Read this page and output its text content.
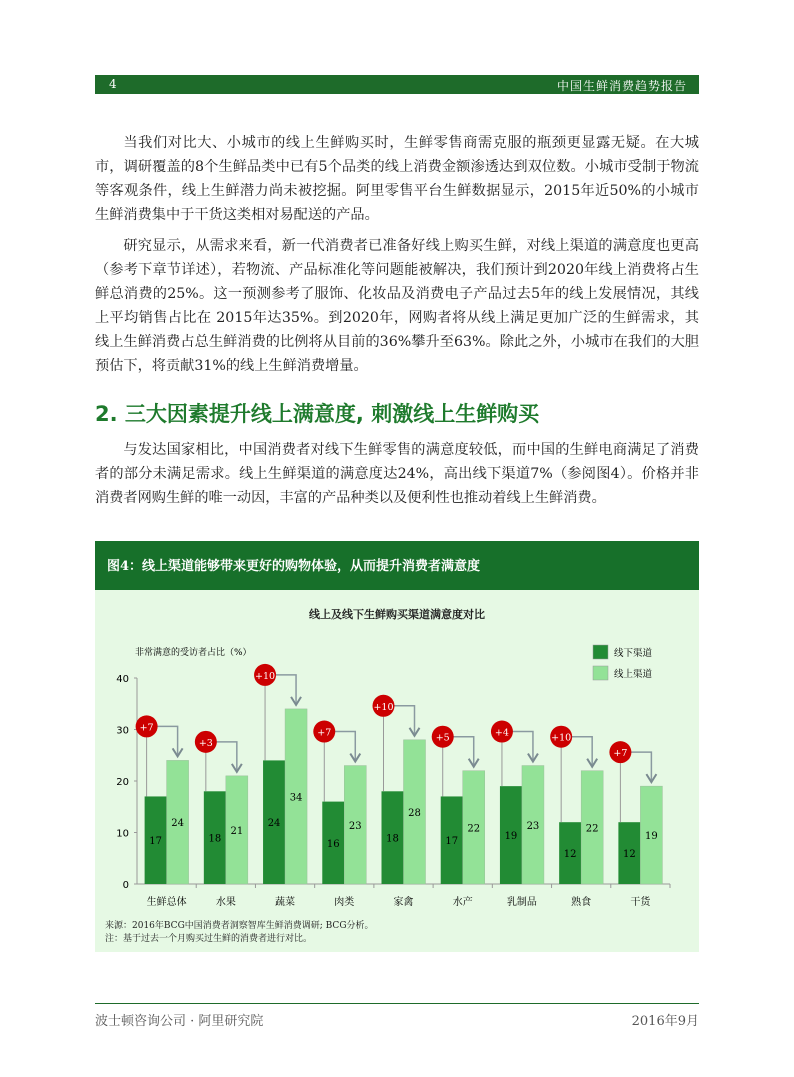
4	中国生鲜消费趋势报告

当我们对比大、小城市的线上生鲜购买时，生鲜零售商需克服的瓶颈更显露无疑。在大城市，调研覆盖的8个生鲜品类中已有5个品类的线上消费金额渗透达到双位数。小城市受制于物流等客观条件，线上生鲜潜力尚未被挖掘。阿里零售平台生鲜数据显示，2015年近50%的小城市生鲜消费集中于干货这类相对易配送的产品。

研究显示，从需求来看，新一代消费者已准备好线上购买生鲜，对线上渠道的满意度也更高（参考下章节详述），若物流、产品标准化等问题能被解决，我们预计到2020年线上消费将占生鲜总消费的25%。这一预测参考了服饰、化妆品及消费电子产品过去5年的线上发展情况，其线上平均销售占比在 2015年达35%。到2020年，网购者将从线上满足更加广泛的生鲜需求，其线上生鲜消费占总生鲜消费的比例将从目前的36%攀升至63%。除此之外，小城市在我们的大胆预估下，将贡献31%的线上生鲜消费增量。

2. 三大因素提升线上满意度, 刺激线上生鲜购买

与发达国家相比，中国消费者对线下生鲜零售的满意度较低，而中国的生鲜电商满足了消费者的部分未满足需求。线上生鲜渠道的满意度达24%，高出线下渠道7%（参阅图4）。价格并非消费者网购生鲜的唯一动因，丰富的产品种类以及便利性也推动着线上生鲜消费。

图4：线上渠道能够带来更好的购物体验，从而提升消费者满意度
线上及线下生鲜购买渠道满意度对比
非常满意的受访者占比（%）
0
10
20
30
40
线下渠道
线上渠道
生鲜总体
17
24
+7
水果
18
21
+3
蔬菜
24
34
+10
肉类
16
23
+7
家禽
18
28
+10
水产
17
22
+5
乳制品
19
23
+4
熟食
12
22
+10
干货
12
19
+7
来源：2016年BCG中国消费者洞察智库生鲜消费调研; BCG分析。
注：基于过去一个月购买过生鲜的消费者进行对比。
波士顿咨询公司 · 阿里研究院	2016年9月
